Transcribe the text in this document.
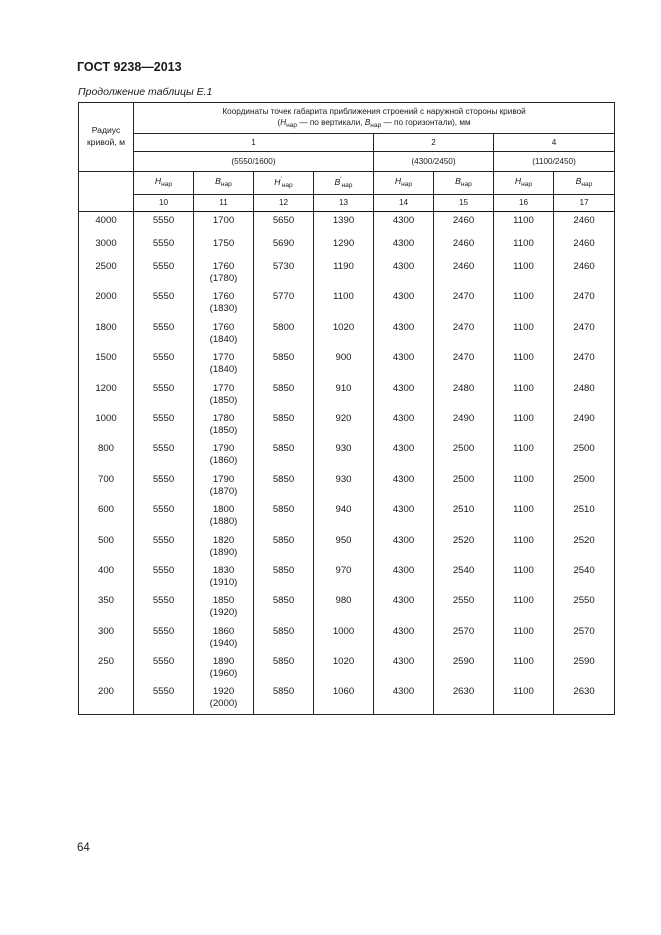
ГОСТ 9238—2013
Продолжение таблицы Е.1
Радиус кривой, м	Координаты точек габарита приближения строений с наружной стороны кривой
($Н_{нар}$ — по вертикали, $В_{нар}$ — по горизонтали), мм							
	1				2		4	
	(5550/1600)				(4300/2450)		(1100/2450)	
	$Н_{нар}$	$В_{нар}$	$Н'_{нар}$	$В'_{нар}$	$Н_{нар}$	$В_{нар}$	$Н_{нар}$	$В_{нар}$
	10	11	12	13	14	15	16	17
4000	5550	1700	5650	1390	4300	2460	1100	2460
3000	5550	1750	5690	1290	4300	2460	1100	2460
2500	5550	1760
(1780)	5730	1190	4300	2460	1100	2460
2000	5550	1760
(1830)	5770	1100	4300	2470	1100	2470
1800	5550	1760
(1840)	5800	1020	4300	2470	1100	2470
1500	5550	1770
(1840)	5850	900	4300	2470	1100	2470
1200	5550	1770
(1850)	5850	910	4300	2480	1100	2480
1000	5550	1780
(1850)	5850	920	4300	2490	1100	2490
800	5550	1790
(1860)	5850	930	4300	2500	1100	2500
700	5550	1790
(1870)	5850	930	4300	2500	1100	2500
600	5550	1800
(1880)	5850	940	4300	2510	1100	2510
500	5550	1820
(1890)	5850	950	4300	2520	1100	2520
400	5550	1830
(1910)	5850	970	4300	2540	1100	2540
350	5550	1850
(1920)	5850	980	4300	2550	1100	2550
300	5550	1860
(1940)	5850	1000	4300	2570	1100	2570
250	5550	1890
(1960)	5850	1020	4300	2590	1100	2590
200	5550	1920
(2000)	5850	1060	4300	2630	1100	2630
64
